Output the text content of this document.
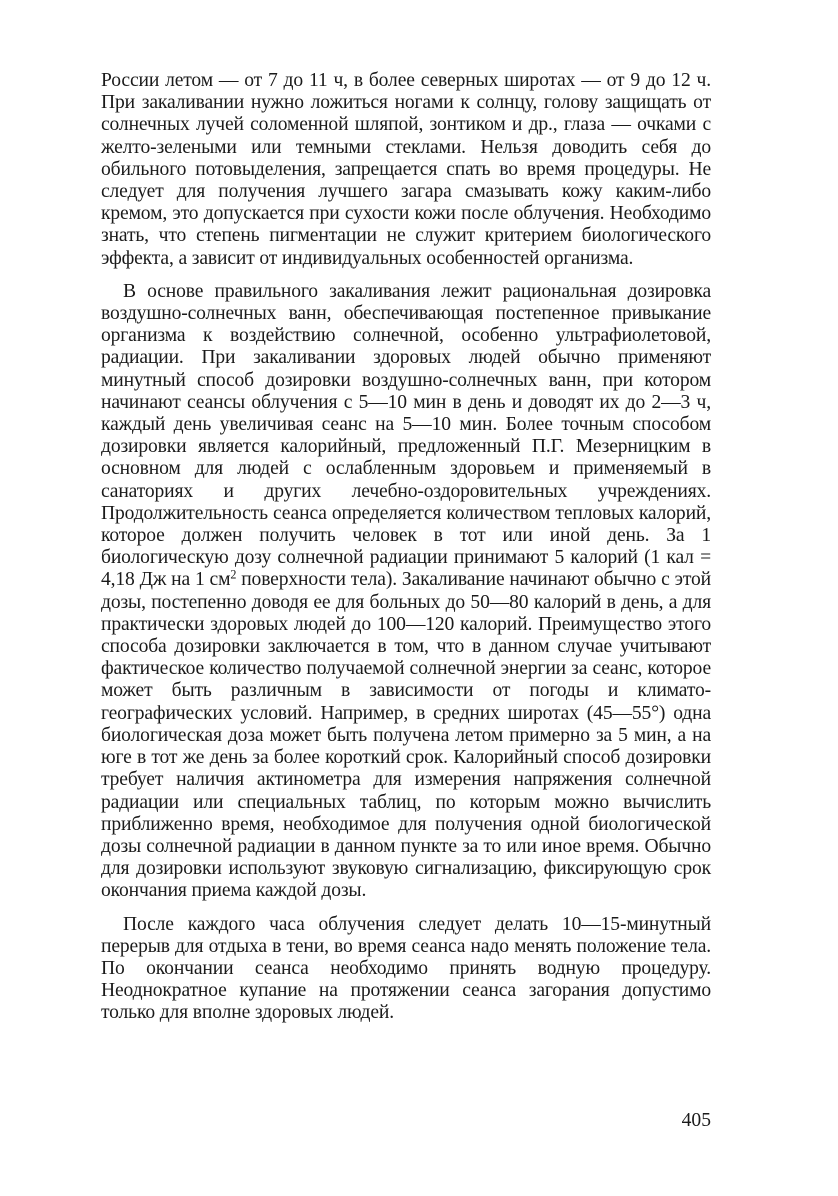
России летом — от 7 до 11 ч, в более северных широтах — от 9 до 12 ч. При закаливании нужно ложиться ногами к солнцу, голову защищать от солнечных лучей соломенной шляпой, зонтиком и др., глаза — очками с желто-зелеными или темными стеклами. Нельзя доводить себя до обильного потовыделения, запрещается спать во время процедуры. Не следует для получения лучшего загара смазывать кожу каким-либо кремом, это допускается при сухости кожи после облучения. Необходимо знать, что степень пигментации не служит критерием биологического эффекта, а зависит от индивидуальных особенностей организма.

В основе правильного закаливания лежит рациональная дозировка воздушно-солнечных ванн, обеспечивающая постепенное привыкание организма к воздействию солнечной, особенно ультрафиолетовой, радиации. При закаливании здоровых людей обычно применяют минутный способ дозировки воздушно-солнечных ванн, при котором начинают сеансы облучения с 5—10 мин в день и доводят их до 2—3 ч, каждый день увеличивая сеанс на 5—10 мин. Более точным способом дозировки является калорийный, предложенный П.Г. Мезерницким в основном для людей с ослабленным здоровьем и применяемый в санаториях и других лечебно-оздоровительных учреждениях. Продолжительность сеанса определяется количеством тепловых калорий, которое должен получить человек в тот или иной день. За 1 биологическую дозу солнечной радиации принимают 5 калорий (1 кал = 4,18 Дж на 1 $см^2$ поверхности тела). Закаливание начинают обычно с этой дозы, постепенно доводя ее для больных до 50—80 калорий в день, а для практически здоровых людей до 100—120 калорий. Преимущество этого способа дозировки заключается в том, что в данном случае учитывают фактическое количество получаемой солнечной энергии за сеанс, которое может быть различным в зависимости от погоды и климато-географических условий. Например, в средних широтах (45—55°) одна биологическая доза может быть получена летом примерно за 5 мин, а на юге в тот же день за более короткий срок. Калорийный способ дозировки требует наличия актинометра для измерения напряжения солнечной радиации или специальных таблиц, по которым можно вычислить приближенно время, необходимое для получения одной биологической дозы солнечной радиации в данном пункте за то или иное время. Обычно для дозировки используют звуковую сигнализацию, фиксирующую срок окончания приема каждой дозы.

После каждого часа облучения следует делать 10—15-минутный перерыв для отдыха в тени, во время сеанса надо менять положение тела. По окончании сеанса необходимо принять водную процедуру. Неоднократное купание на протяжении сеанса загорания допустимо только для вполне здоровых людей.

405
